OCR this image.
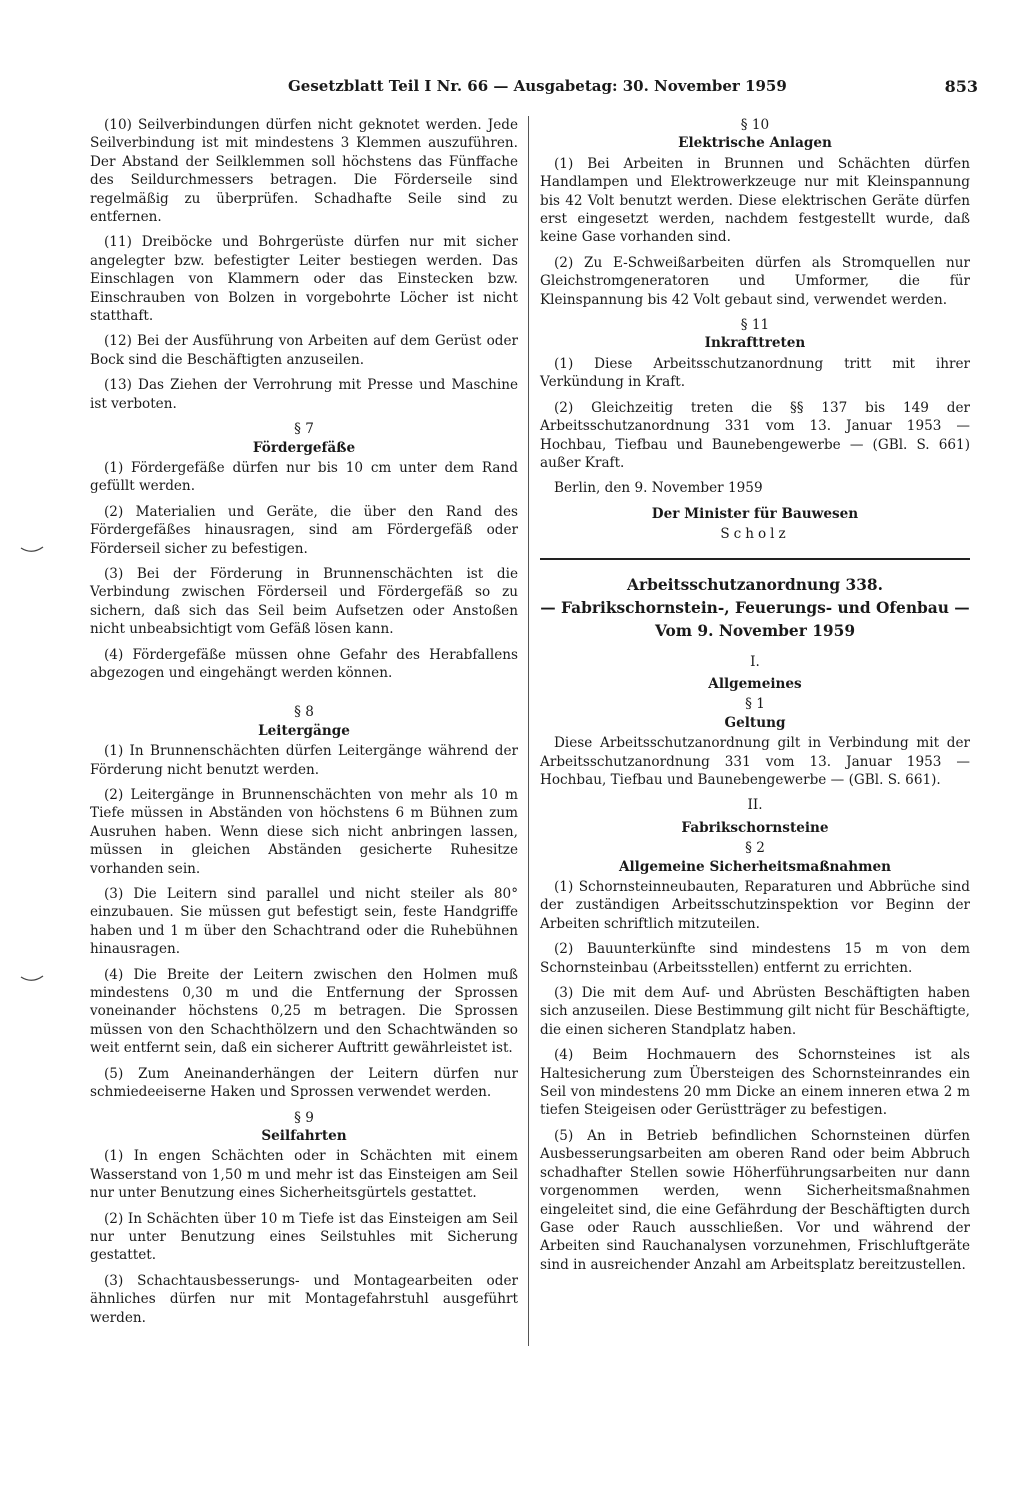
Gesetzblatt Teil I Nr. 66 — Ausgabetag: 30. November 1959	853

(10) Seilverbindungen dürfen nicht geknotet werden. Jede Seilverbindung ist mit mindestens 3 Klemmen auszuführen. Der Abstand der Seilklemmen soll höchstens das Fünffache des Seildurchmessers betragen. Die Förderseile sind regelmäßig zu überprüfen. Schadhafte Seile sind zu entfernen.

(11) Dreiböcke und Bohrgerüste dürfen nur mit sicher angelegter bzw. befestigter Leiter bestiegen werden. Das Einschlagen von Klammern oder das Einstecken bzw. Einschrauben von Bolzen in vorgebohrte Löcher ist nicht statthaft.

(12) Bei der Ausführung von Arbeiten auf dem Gerüst oder Bock sind die Beschäftigten anzuseilen.

(13) Das Ziehen der Verrohrung mit Presse und Maschine ist verboten.

§ 7

Fördergefäße

(1) Fördergefäße dürfen nur bis 10 cm unter dem Rand gefüllt werden.

(2) Materialien und Geräte, die über den Rand des Fördergefäßes hinausragen, sind am Fördergefäß oder Förderseil sicher zu befestigen.

(3) Bei der Förderung in Brunnenschächten ist die Verbindung zwischen Förderseil und Fördergefäß so zu sichern, daß sich das Seil beim Aufsetzen oder Anstoßen nicht unbeabsichtigt vom Gefäß lösen kann.

(4) Fördergefäße müssen ohne Gefahr des Herabfallens abgezogen und eingehängt werden können.

§ 8

Leitergänge

(1) In Brunnenschächten dürfen Leitergänge während der Förderung nicht benutzt werden.

(2) Leitergänge in Brunnenschächten von mehr als 10 m Tiefe müssen in Abständen von höchstens 6 m Bühnen zum Ausruhen haben. Wenn diese sich nicht anbringen lassen, müssen in gleichen Abständen gesicherte Ruhesitze vorhanden sein.

(3) Die Leitern sind parallel und nicht steiler als 80° einzubauen. Sie müssen gut befestigt sein, feste Handgriffe haben und 1 m über den Schachtrand oder die Ruhebühnen hinausragen.

(4) Die Breite der Leitern zwischen den Holmen muß mindestens 0,30 m und die Entfernung der Sprossen voneinander höchstens 0,25 m betragen. Die Sprossen müssen von den Schachthölzern und den Schachtwänden so weit entfernt sein, daß ein sicherer Auftritt gewährleistet ist.

(5) Zum Aneinanderhängen der Leitern dürfen nur schmiedeeiserne Haken und Sprossen verwendet werden.

§ 9

Seilfahrten

(1) In engen Schächten oder in Schächten mit einem Wasserstand von 1,50 m und mehr ist das Einsteigen am Seil nur unter Benutzung eines Sicherheitsgürtels gestattet.

(2) In Schächten über 10 m Tiefe ist das Einsteigen am Seil nur unter Benutzung eines Seilstuhles mit Sicherung gestattet.

(3) Schachtausbesserungs- und Montagearbeiten oder ähnliches dürfen nur mit Montagefahrstuhl ausgeführt werden.

§ 10

Elektrische Anlagen

(1) Bei Arbeiten in Brunnen und Schächten dürfen Handlampen und Elektrowerkzeuge nur mit Kleinspannung bis 42 Volt benutzt werden. Diese elektrischen Geräte dürfen erst eingesetzt werden, nachdem festgestellt wurde, daß keine Gase vorhanden sind.

(2) Zu E-Schweißarbeiten dürfen als Stromquellen nur Gleichstromgeneratoren und Umformer, die für Kleinspannung bis 42 Volt gebaut sind, verwendet werden.

§ 11

Inkrafttreten

(1) Diese Arbeitsschutzanordnung tritt mit ihrer Verkündung in Kraft.

(2) Gleichzeitig treten die §§ 137 bis 149 der Arbeitsschutzanordnung 331 vom 13. Januar 1953 — Hochbau, Tiefbau und Baunebengewerbe — (GBl. S. 661) außer Kraft.

Berlin, den 9. November 1959

Der Minister für Bauwesen

Scholz

Arbeitsschutzanordnung 338.
— Fabrikschornstein-, Feuerungs- und Ofenbau —
Vom 9. November 1959

I.

Allgemeines

§ 1

Geltung

Diese Arbeitsschutzanordnung gilt in Verbindung mit der Arbeitsschutzanordnung 331 vom 13. Januar 1953 — Hochbau, Tiefbau und Baunebengewerbe — (GBl. S. 661).

II.

Fabrikschornsteine

§ 2

Allgemeine Sicherheitsmaßnahmen

(1) Schornsteinneubauten, Reparaturen und Abbrüche sind der zuständigen Arbeitsschutzinspektion vor Beginn der Arbeiten schriftlich mitzuteilen.

(2) Bauunterkünfte sind mindestens 15 m von dem Schornsteinbau (Arbeitsstellen) entfernt zu errichten.

(3) Die mit dem Auf- und Abrüsten Beschäftigten haben sich anzuseilen. Diese Bestimmung gilt nicht für Beschäftigte, die einen sicheren Standplatz haben.

(4) Beim Hochmauern des Schornsteines ist als Haltesicherung zum Übersteigen des Schornsteinrandes ein Seil von mindestens 20 mm Dicke an einem inneren etwa 2 m tiefen Steigeisen oder Gerüstträger zu befestigen.

(5) An in Betrieb befindlichen Schornsteinen dürfen Ausbesserungsarbeiten am oberen Rand oder beim Abbruch schadhafter Stellen sowie Höherführungsarbeiten nur dann vorgenommen werden, wenn Sicherheitsmaßnahmen eingeleitet sind, die eine Gefährdung der Beschäftigten durch Gase oder Rauch ausschließen. Vor und während der Arbeiten sind Rauchanalysen vorzunehmen, Frischluftgeräte sind in ausreichender Anzahl am Arbeitsplatz bereitzustellen.
